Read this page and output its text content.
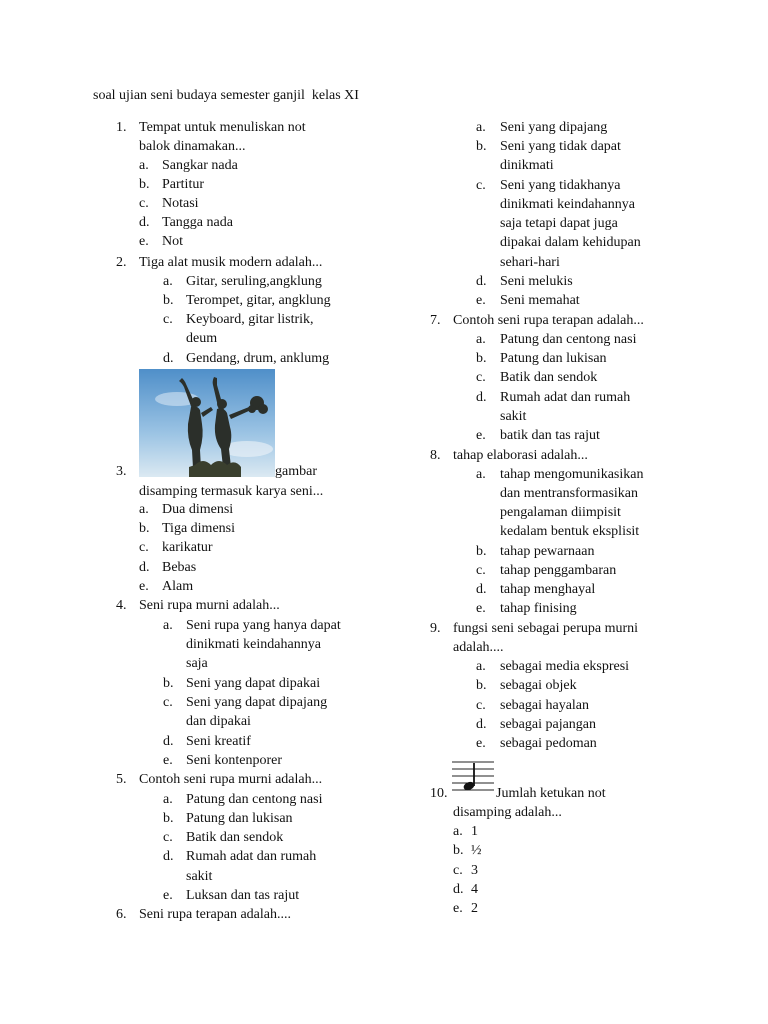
soal ujian seni budaya semester ganjil  kelas XI
1. Tempat untuk menuliskan not
balok dinamakan...
a. Sangkar nada
b. Partitur
c. Notasi
d. Tangga nada
e. Not
2. Tiga alat musik modern adalah...
a. Gitar, seruling,angklung
b. Terompet, gitar, angklung
c. Keyboard, gitar listrik,
deum
d. Gendang, drum, anklumg
3.	gambar
disamping termasuk karya seni...
a. Dua dimensi
b. Tiga dimensi
c. karikatur
d. Bebas
e. Alam
4. Seni rupa murni adalah...
a. Seni rupa yang hanya dapat
dinikmati keindahannya
saja
b. Seni yang dapat dipakai
c. Seni yang dapat dipajang
dan dipakai
d. Seni kreatif
e. Seni kontenporer
5. Contoh seni rupa murni adalah...
a. Patung dan centong nasi
b. Patung dan lukisan
c. Batik dan sendok
d. Rumah adat dan rumah
sakit
e. Luksan dan tas rajut
6. Seni rupa terapan adalah....
a. Seni yang dipajang
b. Seni yang tidak dapat
dinikmati
c. Seni yang tidakhanya
dinikmati keindahannya
saja tetapi dapat juga
dipakai dalam kehidupan
sehari-hari
d. Seni melukis
e. Seni memahat
7. Contoh seni rupa terapan adalah...
a. Patung dan centong nasi
b. Patung dan lukisan
c. Batik dan sendok
d. Rumah adat dan rumah
sakit
e. batik dan tas rajut
8. tahap elaborasi adalah...
a. tahap mengomunikasikan
dan mentransformasikan
pengalaman diimpisit
kedalam bentuk eksplisit
b. tahap pewarnaan
c. tahap penggambaran
d. tahap menghayal
e. tahap finising
9. fungsi seni sebagai perupa murni
adalah....
a. sebagai media ekspresi
b. sebagai objek
c. sebagai hayalan
d. sebagai pajangan
e. sebagai pedoman
10.	Jumlah ketukan not
disamping adalah...
a. 1
b. ½
c. 3
d. 4
e. 2
